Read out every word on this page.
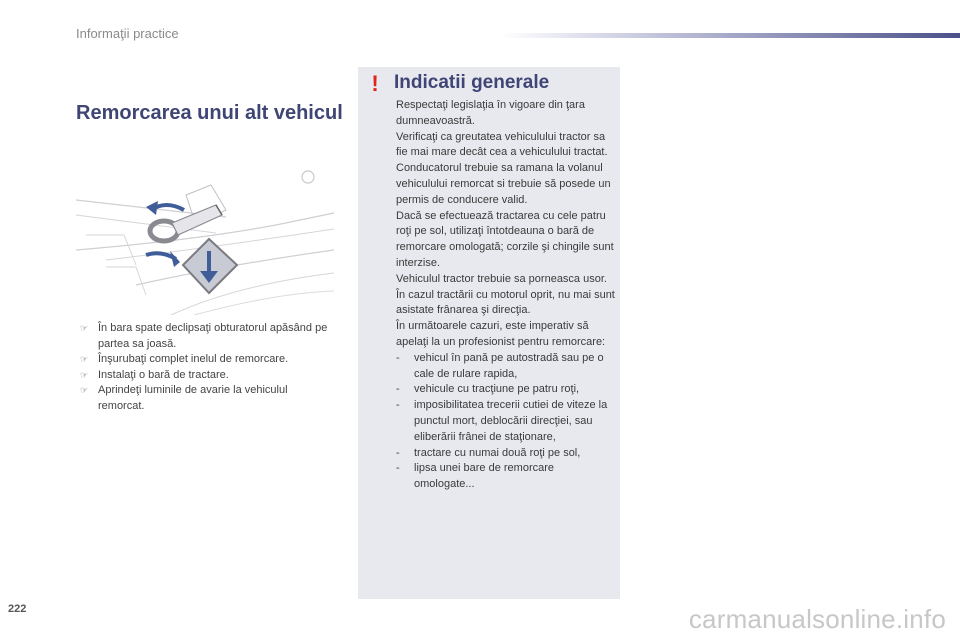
Informaţii practice
Remorcarea unui alt vehicul
☞ În bara spate declipsaţi obturatorul apăsând pe partea sa joasă.
☞ Înşurubaţi complet inelul de remorcare.
☞ Instalaţi o bară de tractare.
☞ Aprindeţi luminile de avarie la vehiculul remorcat.
! Indicatii generale
Respectaţi legislaţia în vigoare din ţara dumneavoastră.
Verificaţi ca greutatea vehiculului tractor sa fie mai mare decât cea a vehiculului tractat.
Conducatorul trebuie sa ramana la volanul vehiculului remorcat si trebuie să posede un permis de conducere valid.
Dacă se efectuează tractarea cu cele patru roţi pe sol, utilizaţi întotdeauna o bară de remorcare omologată; corzile şi chingile sunt interzise.
Vehiculul tractor trebuie sa porneasca usor.
În cazul tractării cu motorul oprit, nu mai sunt asistate frânarea şi direcţia.
În următoarele cazuri, este imperativ să apelaţi la un profesionist pentru remorcare:
- vehicul în pană pe autostradă sau pe o cale de rulare rapida,
- vehicule cu tracţiune pe patru roţi,
- imposibilitatea trecerii cutiei de viteze la punctul mort, deblocării direcţiei, sau eliberării frânei de staţionare,
- tractare cu numai două roţi pe sol,
- lipsa unei bare de remorcare omologate...
222	carmanualsonline.info
